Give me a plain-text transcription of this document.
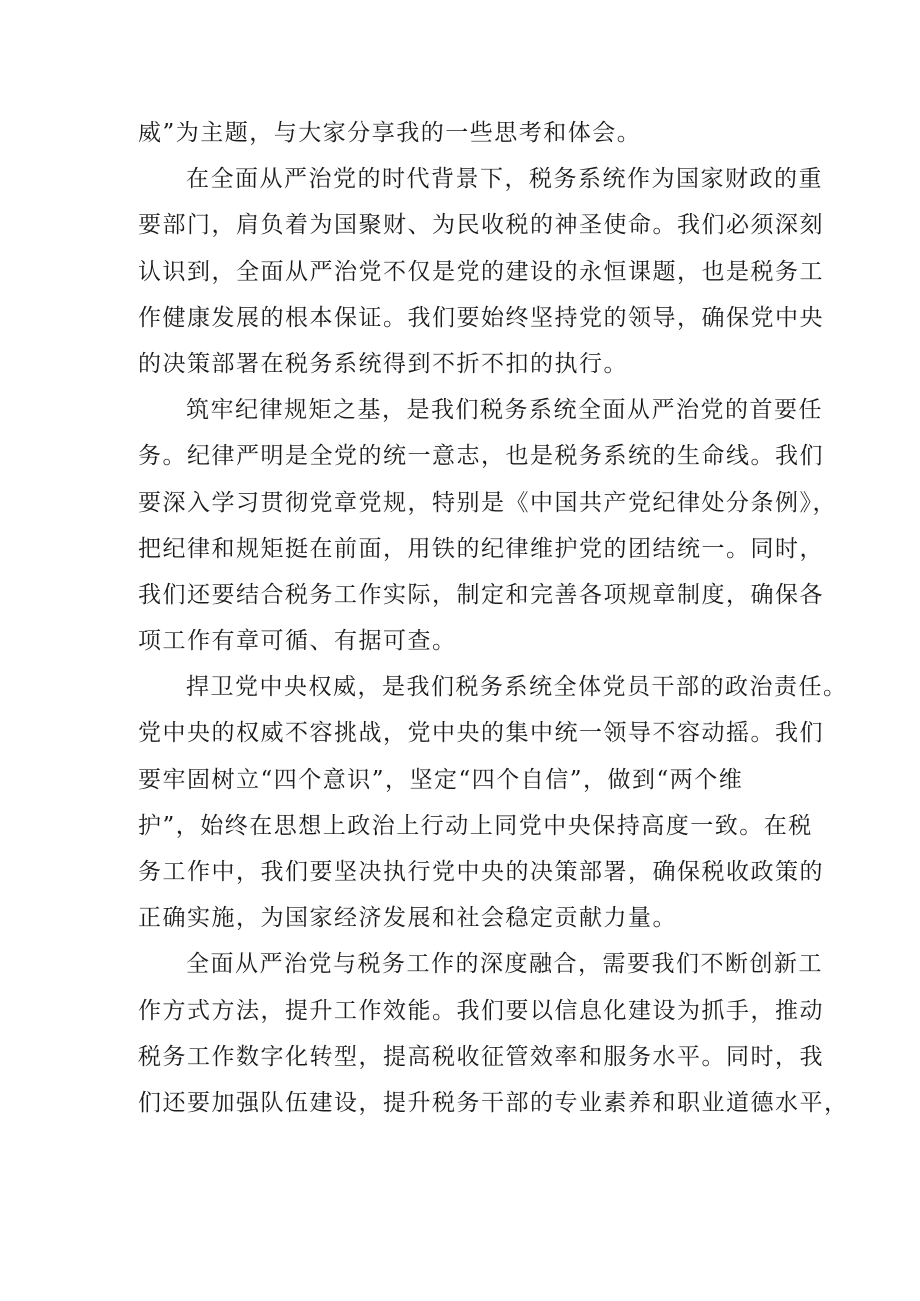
威”为主题，与大家分享我的一些思考和体会。
在全面从严治党的时代背景下，税务系统作为国家财政的重
要部门，肩负着为国聚财、为民收税的神圣使命。我们必须深刻
认识到，全面从严治党不仅是党的建设的永恒课题，也是税务工
作健康发展的根本保证。我们要始终坚持党的领导，确保党中央
的决策部署在税务系统得到不折不扣的执行。
筑牢纪律规矩之基，是我们税务系统全面从严治党的首要任
务。纪律严明是全党的统一意志，也是税务系统的生命线。我们
要深入学习贯彻党章党规，特别是《中国共产党纪律处分条例》，
把纪律和规矩挺在前面，用铁的纪律维护党的团结统一。同时，
我们还要结合税务工作实际，制定和完善各项规章制度，确保各
项工作有章可循、有据可查。
捍卫党中央权威，是我们税务系统全体党员干部的政治责任。
党中央的权威不容挑战，党中央的集中统一领导不容动摇。我们
要牢固树立“四个意识”，坚定“四个自信”，做到“两个维
护”，始终在思想上政治上行动上同党中央保持高度一致。在税
务工作中，我们要坚决执行党中央的决策部署，确保税收政策的
正确实施，为国家经济发展和社会稳定贡献力量。
全面从严治党与税务工作的深度融合，需要我们不断创新工
作方式方法，提升工作效能。我们要以信息化建设为抓手，推动
税务工作数字化转型，提高税收征管效率和服务水平。同时，我
们还要加强队伍建设，提升税务干部的专业素养和职业道德水平，
